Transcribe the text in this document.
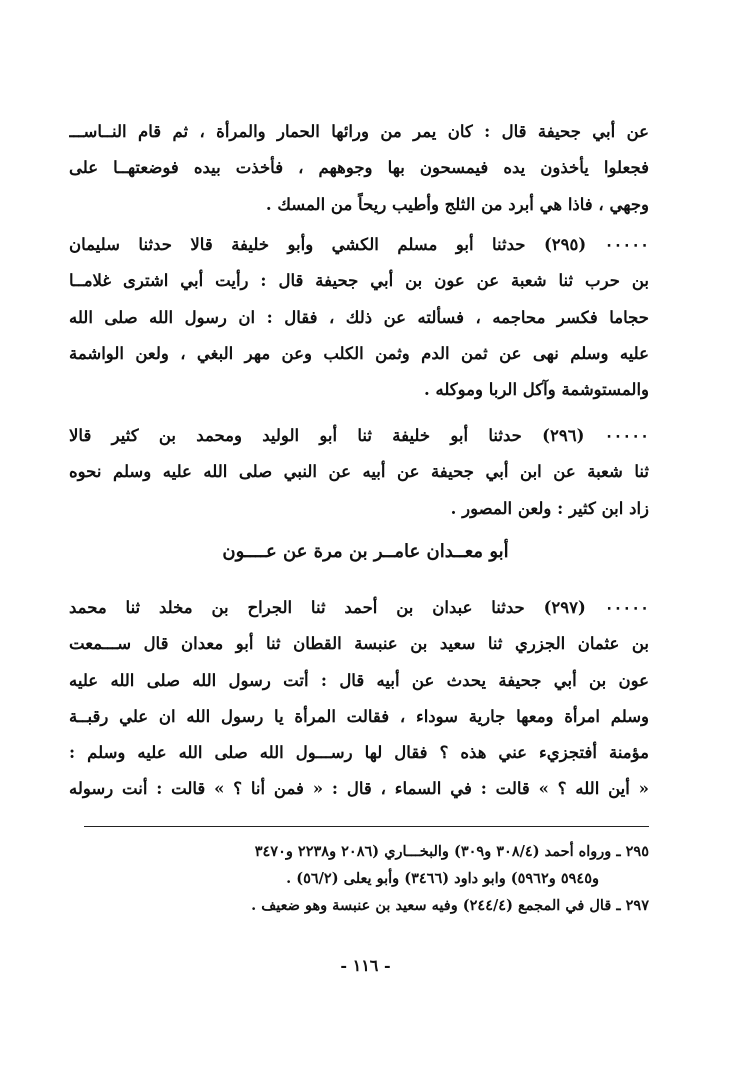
عن أبي جحيفة قال : كان يمر من ورائها الحمار والمرأة ، ثم قام النــاســـ
فجعلوا يأخذون يده فيمسحون بها وجوههم ، فأخذت بيده فوضعتهــا على
وجهي ، فاذا هي أبرد من الثلج وأطيب ريحاً من المسك .
٠٠٠٠٠ (٢٩٥) حدثنا أبو مسلم الكشي وأبو خليفة قالا حدثنا سليمان
بن حرب ثنا شعبة عن عون بن أبي جحيفة قال : رأيت أبي اشترى غلامــا
حجاما فكسر محاجمه ، فسألته عن ذلك ، فقال : ان رسول الله صلى الله
عليه وسلم نهى عن ثمن الدم وثمن الكلب وعن مهر البغي ، ولعن الواشمة
والمستوشمة وآكل الربا وموكله .
٠٠٠٠٠ (٢٩٦) حدثنا أبو خليفة ثنا أبو الوليد ومحمد بن كثير قالا
ثنا شعبة عن ابن أبي جحيفة عن أبيه عن النبي صلى الله عليه وسلم نحوه
زاد ابن كثير : ولعن المصور .
أبو معــدان عامــر بن مرة عن عــــون
٠٠٠٠٠ (٢٩٧) حدثنا عبدان بن أحمد ثنا الجراح بن مخلد ثنا محمد
بن عثمان الجزري ثنا سعيد بن عنبسة القطان ثنا أبو معدان قال ســـمعت
عون بن أبي جحيفة يحدث عن أبيه قال : أتت رسول الله صلى الله عليه
وسلم امرأة ومعها جارية سوداء ، فقالت المرأة يا رسول الله ان علي رقبــة
مؤمنة أفتجزيء عني هذه ؟ فقال لها رســـول الله صلى الله عليه وسلم :
« أين الله ؟ » قالت : في السماء ، قال : « فمن أنا ؟ » قالت : أنت رسوله
٢٩٥ ـ ورواه أحمد (٣٠٨/٤ و٣٠٩) والبخـــاري (٢٠٨٦ و٢٢٣٨ و٣٤٧٠
و٥٩٤٥ و٥٩٦٢) وابو داود (٣٤٦٦) وأبو يعلى (٥٦/٢) .
٢٩٧ ـ قال في المجمع (٢٤٤/٤) وفيه سعيد بن عنبسة وهو ضعيف .
- ١١٦ -
